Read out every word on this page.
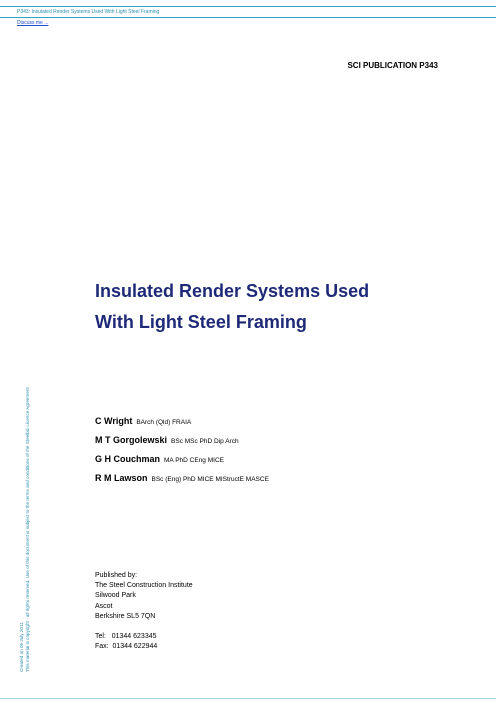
P343: Insulated Render Systems Used With Light Steel Framing
Discuss me ...
SCI PUBLICATION P343
Insulated Render Systems Used
With Light Steel Framing
C Wright BArch (Qld) FRAIA
M T Gorgolewski BSc MSc PhD Dip Arch
G H Couchman MA PhD CEng MICE
R M Lawson BSc (Eng) PhD MICE MIStructE MASCE
Published by:
The Steel Construction Institute
Silwood Park
Ascot
Berkshire SL5 7QN
Tel:   01344 623345
Fax:  01344 622944
Created on 05 July 2011 This material is copyright - all rights reserved. Use of this document is subject to the terms and conditions of the Steelbiz Licence Agreement
